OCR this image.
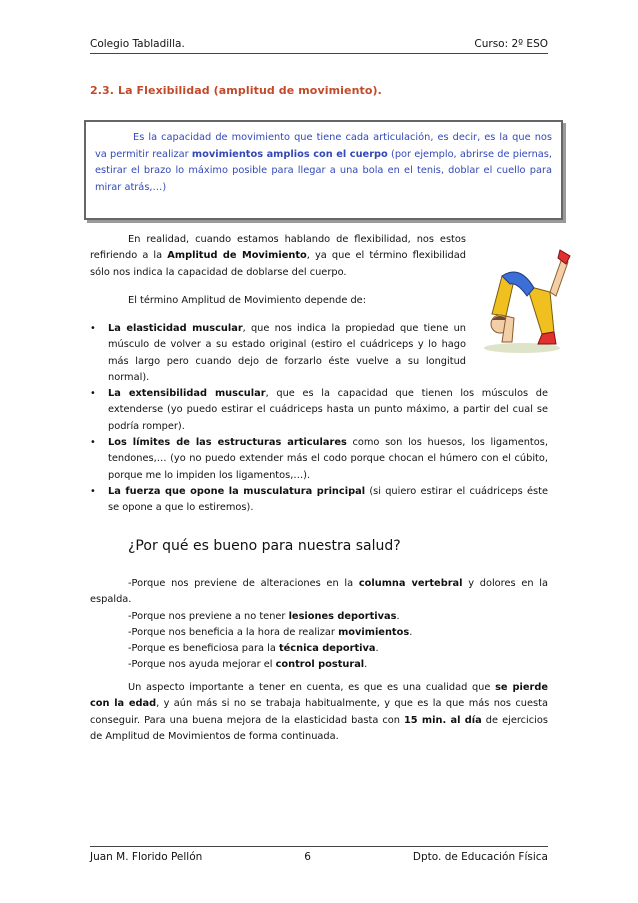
Colegio Tabladilla.	Curso: 2º ESO
2.3. La Flexibilidad (amplitud de movimiento).
Es la capacidad de movimiento que tiene cada articulación, es decir, es la que nos va permitir realizar movimientos amplios con el cuerpo (por ejemplo, abrirse de piernas, estirar el brazo lo máximo posible para llegar a una bola en el tenis, doblar el cuello para mirar atrás,…)
En realidad, cuando estamos hablando de flexibilidad, nos estos refiriendo a la Amplitud de Movimiento, ya que el término flexibilidad sólo nos indica la capacidad de doblarse del cuerpo.
El término Amplitud de Movimiento depende de:
• La elasticidad muscular, que nos indica la propiedad que tiene un músculo de volver a su estado original (estiro el cuádriceps y lo hago más largo pero cuando dejo de forzarlo éste vuelve a su longitud normal).
• La extensibilidad muscular, que es la capacidad que tienen los músculos de extenderse (yo puedo estirar el cuádriceps hasta un punto máximo, a partir del cual se podría romper).
• Los límites de las estructuras articulares como son los huesos, los ligamentos, tendones,… (yo no puedo extender más el codo porque chocan el húmero con el cúbito, porque me lo impiden los ligamentos,…).
• La fuerza que opone la musculatura principal (si quiero estirar el cuádriceps éste se opone a que lo estiremos).
¿Por qué es bueno para nuestra salud?
-Porque nos previene de alteraciones en la columna vertebral y dolores en la espalda.
-Porque nos previene a no tener lesiones deportivas.
-Porque nos beneficia a la hora de realizar movimientos.
-Porque es beneficiosa para la técnica deportiva.
-Porque nos ayuda mejorar el control postural.
Un aspecto importante a tener en cuenta, es que es una cualidad que se pierde con la edad, y aún más si no se trabaja habitualmente, y que es la que más nos cuesta conseguir. Para una buena mejora de la elasticidad basta con 15 min. al día de ejercicios de Amplitud de Movimientos de forma continuada.
Juan M. Florido Pellón	6	Dpto. de Educación Física
